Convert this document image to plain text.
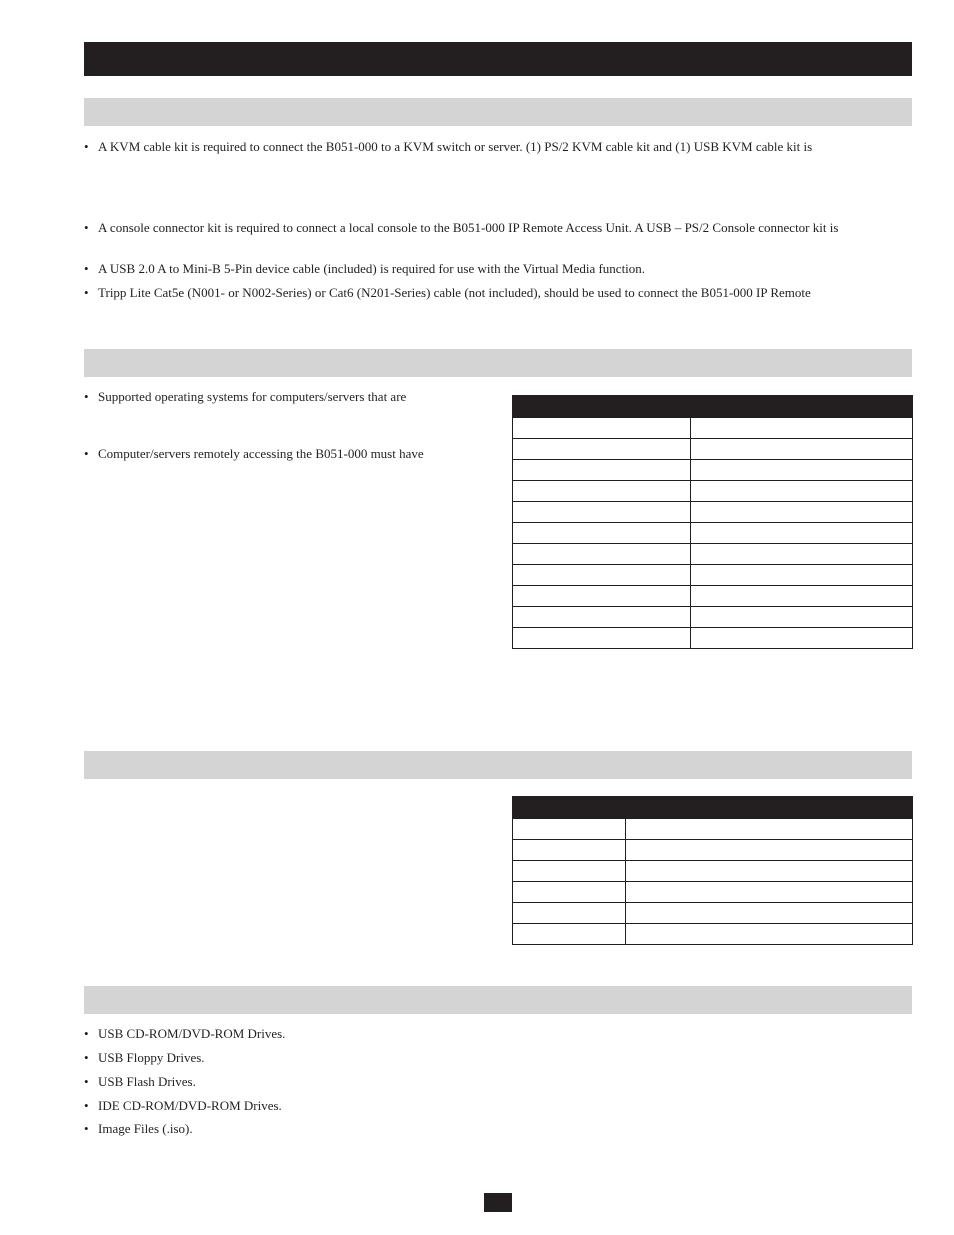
• A KVM cable kit is required to connect the B051-000 to a KVM switch or server. (1) PS/2 KVM cable kit and (1) USB KVM cable kit is
• A console connector kit is required to connect a local console to the B051-000 IP Remote Access Unit. A USB – PS/2 Console connector kit is
• A USB 2.0 A to Mini-B 5-Pin device cable (included) is required for use with the Virtual Media function.
• Tripp Lite Cat5e (N001- or N002-Series) or Cat6 (N201-Series) cable (not included), should be used to connect the B051-000 IP Remote
• Supported operating systems for computers/servers that are
• Computer/servers remotely accessing the B051-000 must have

• USB CD-ROM/DVD-ROM Drives.
• USB Floppy Drives.
• USB Flash Drives.
• IDE CD-ROM/DVD-ROM Drives.
• Image Files (.iso).
